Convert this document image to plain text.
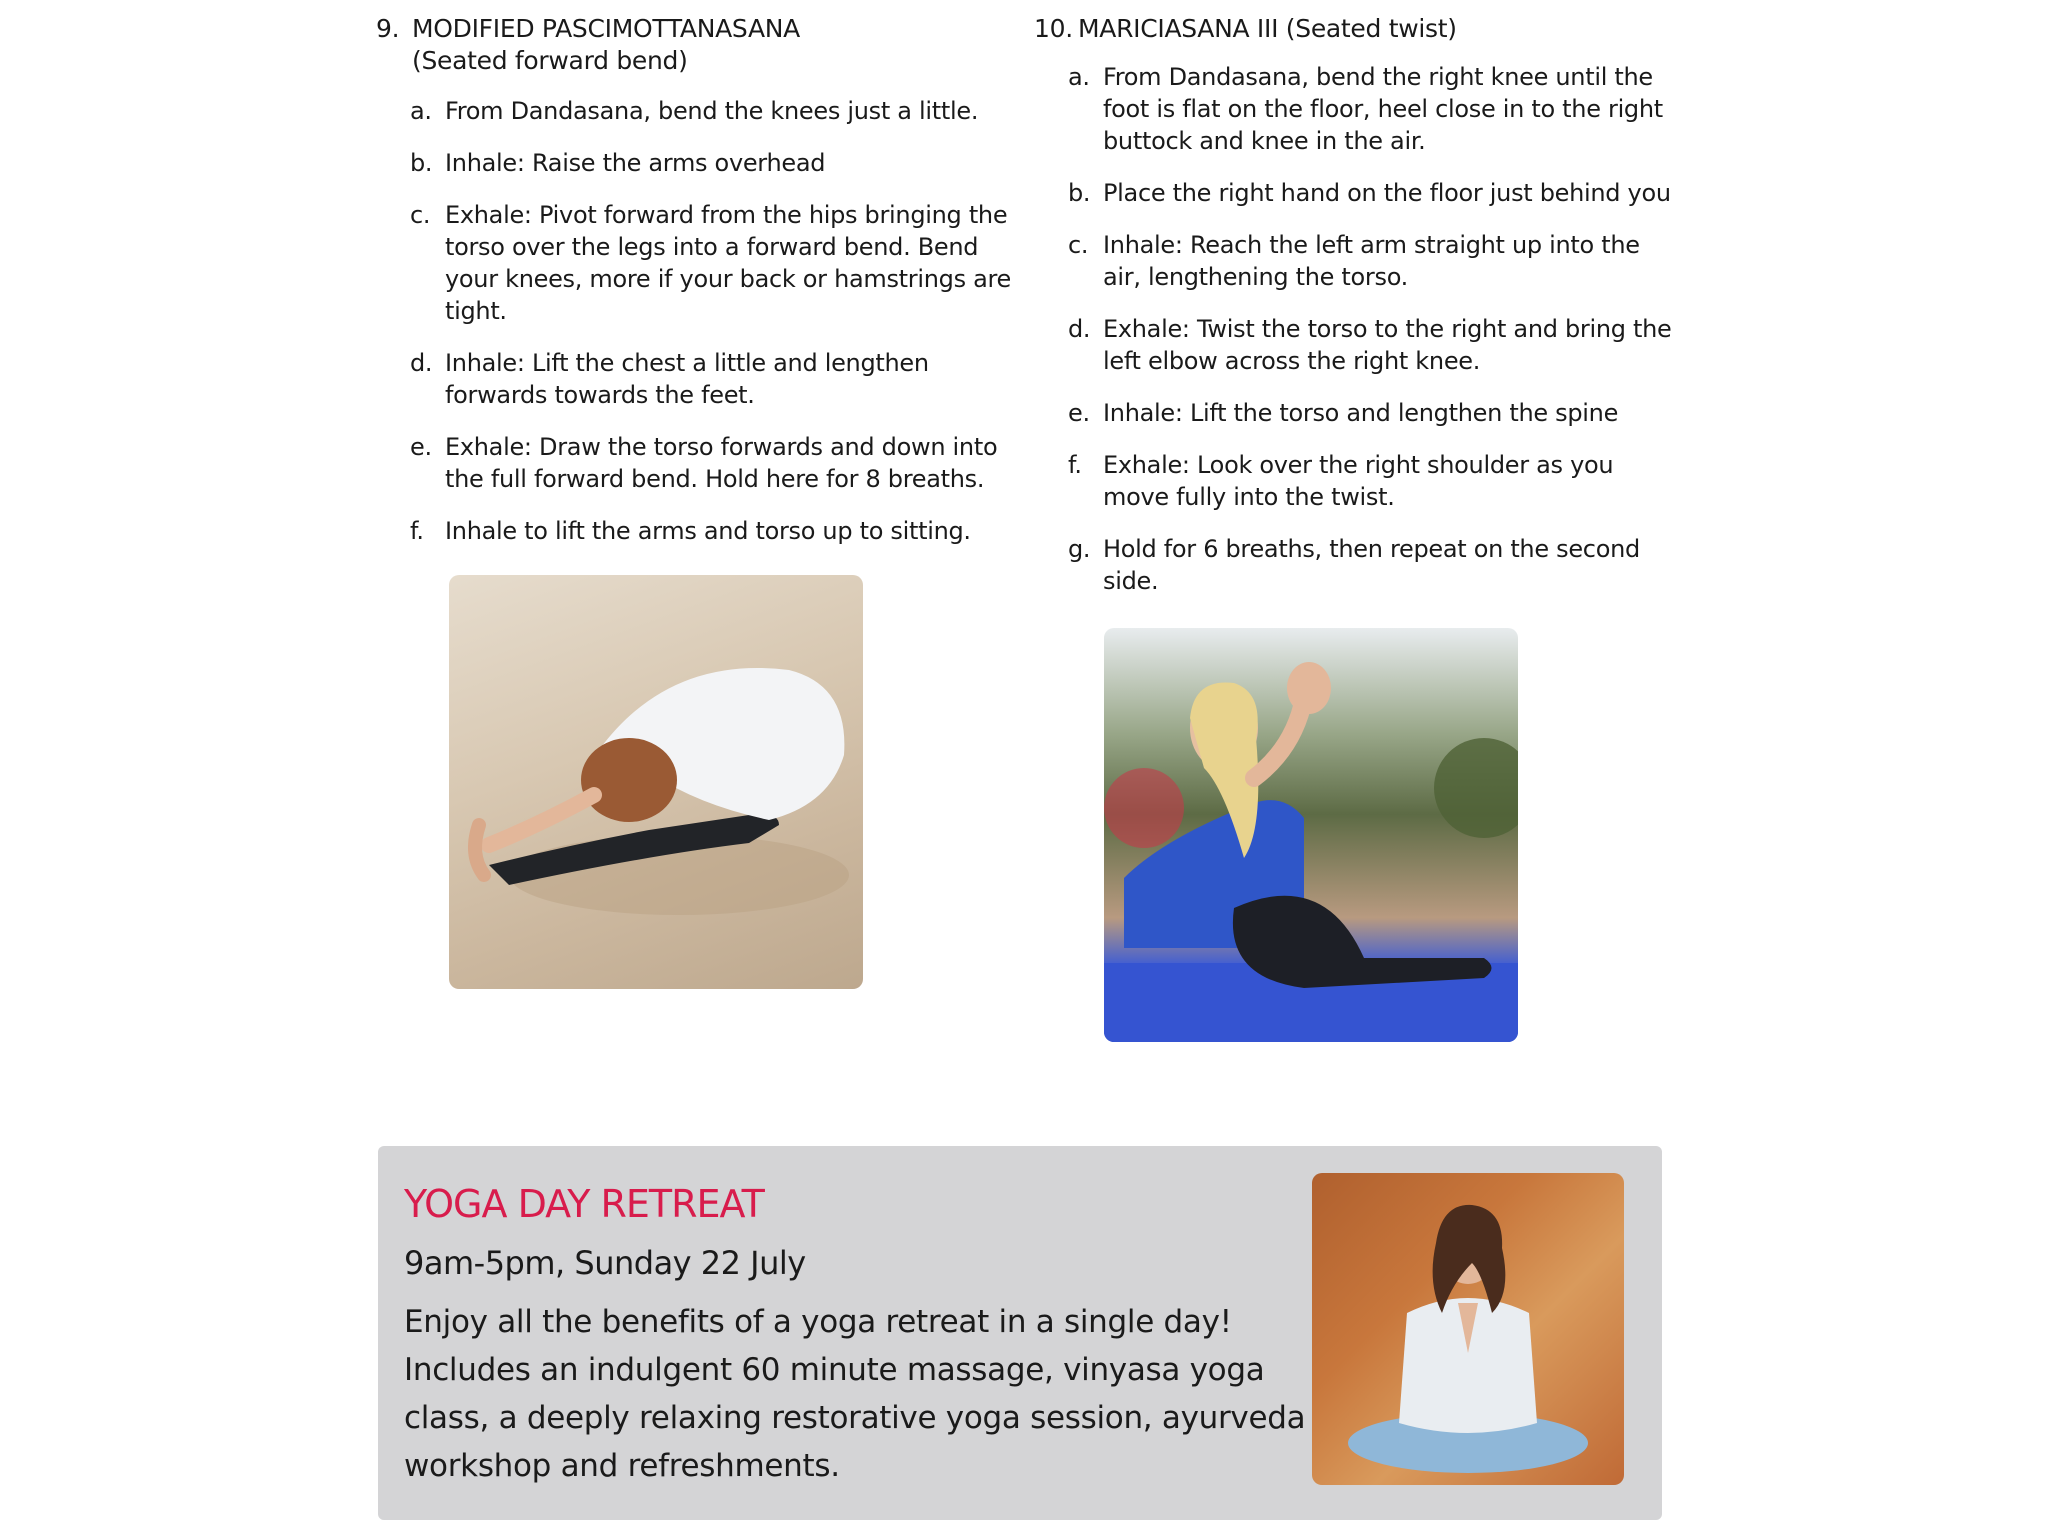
9. MODIFIED PASCIMOTTANASANA
(Seated forward bend)
a. From Dandasana, bend the knees just a little.
b. Inhale: Raise the arms overhead
c. Exhale: Pivot forward from the hips bringing the torso over the legs into a forward bend. Bend your knees, more if your back or hamstrings are tight.
d. Inhale: Lift the chest a little and lengthen forwards towards the feet.
e. Exhale: Draw the torso forwards and down into the full forward bend. Hold here for 8 breaths.
f. Inhale to lift the arms and torso up to sitting.
10. MARICIASANA III (Seated twist)
a. From Dandasana, bend the right knee until the foot is flat on the floor, heel close in to the right buttock and knee in the air.
b. Place the right hand on the floor just behind you
c. Inhale: Reach the left arm straight up into the air, lengthening the torso.
d. Exhale: Twist the torso to the right and bring the left elbow across the right knee.
e. Inhale: Lift the torso and lengthen the spine
f. Exhale: Look over the right shoulder as you move fully into the twist.
g. Hold for 6 breaths, then repeat on the second side.
YOGA DAY RETREAT
9am-5pm, Sunday 22 July
Enjoy all the benefits of a yoga retreat in a single day! Includes an indulgent 60 minute massage, vinyasa yoga class, a deeply relaxing restorative yoga session, ayurveda workshop and refreshments.
